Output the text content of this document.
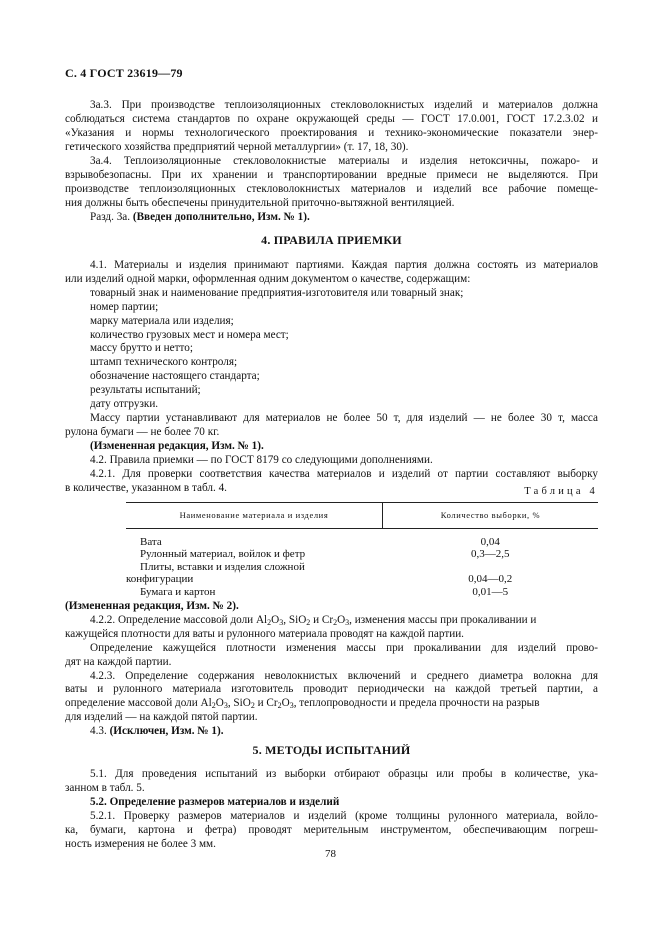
С. 4 ГОСТ 23619—79
3а.3. При производстве теплоизоляционных стекловолокнистых изделий и материалов должна
соблюдаться система стандартов по охране окружающей среды — ГОСТ 17.0.001, ГОСТ 17.2.3.02 и
«Указания и нормы технологического проектирования и технико-экономические показатели энер-
гетического хозяйства предприятий черной металлургии» (т. 17, 18, 30).
3а.4. Теплоизоляционные стекловолокнистые материалы и изделия нетоксичны, пожаро- и
взрывобезопасны. При их хранении и транспортировании вредные примеси не выделяются. При
производстве теплоизоляционных стекловолокнистых материалов и изделий все рабочие помеще-
ния должны быть обеспечены принудительной приточно-вытяжной вентиляцией.
Разд. 3а. (Введен дополнительно, Изм. № 1).
4. ПРАВИЛА ПРИЕМКИ
4.1. Материалы и изделия принимают партиями. Каждая партия должна состоять из материалов
или изделий одной марки, оформленная одним документом о качестве, содержащим:
товарный знак и наименование предприятия-изготовителя или товарный знак;
номер партии;
марку материала или изделия;
количество грузовых мест и номера мест;
массу брутто и нетто;
штамп технического контроля;
обозначение настоящего стандарта;
результаты испытаний;
дату отгрузки.
Массу партии устанавливают для материалов не более 50 т, для изделий — не более 30 т, масса
рулона бумаги — не более 70 кг.
(Измененная редакция, Изм. № 1).
4.2. Правила приемки — по ГОСТ 8179 со следующими дополнениями.
4.2.1. Для проверки соответствия качества материалов и изделий от партии составляют выборку
в количестве, указанном в табл. 4.	Таблица 4
Наименование материала и изделия	Количество выборки, %
Вата	0,04
Рулонный материал, войлок и фетр	0,3—2,5

Плиты, вставки и изделия сложной
конфигурации	0,04—0,2
Бумага и картон	0,01—5
(Измененная редакция, Изм. № 2).
4.2.2. Определение массовой доли $Al_2O_3$, SiO$_2$ и $Cr_2O_3$, изменения массы при прокаливании и
кажущейся плотности для ваты и рулонного материала проводят на каждой партии.
Определение кажущейся плотности изменения массы при прокаливании для изделий прово-
дят на каждой партии.
4.2.3. Определение содержания неволокнистых включений и среднего диаметра волокна для
ваты и рулонного материала изготовитель проводит периодически на каждой третьей партии, а
определение массовой доли $Al_2O_3$, SiO$_2$ и $Cr_2O_3$, теплопроводности и предела прочности на разрыв
для изделий — на каждой пятой партии.
4.3. (Исключен, Изм. № 1).
5. МЕТОДЫ ИСПЫТАНИЙ
5.1. Для проведения испытаний из выборки отбирают образцы или пробы в количестве, ука-
занном в табл. 5.
5.2. Определение размеров материалов и изделий
5.2.1. Проверку размеров материалов и изделий (кроме толщины рулонного материала, войло-
ка, бумаги, картона и фетра) проводят мерительным инструментом, обеспечивающим погреш-
ность измерения не более 3 мм.
78
